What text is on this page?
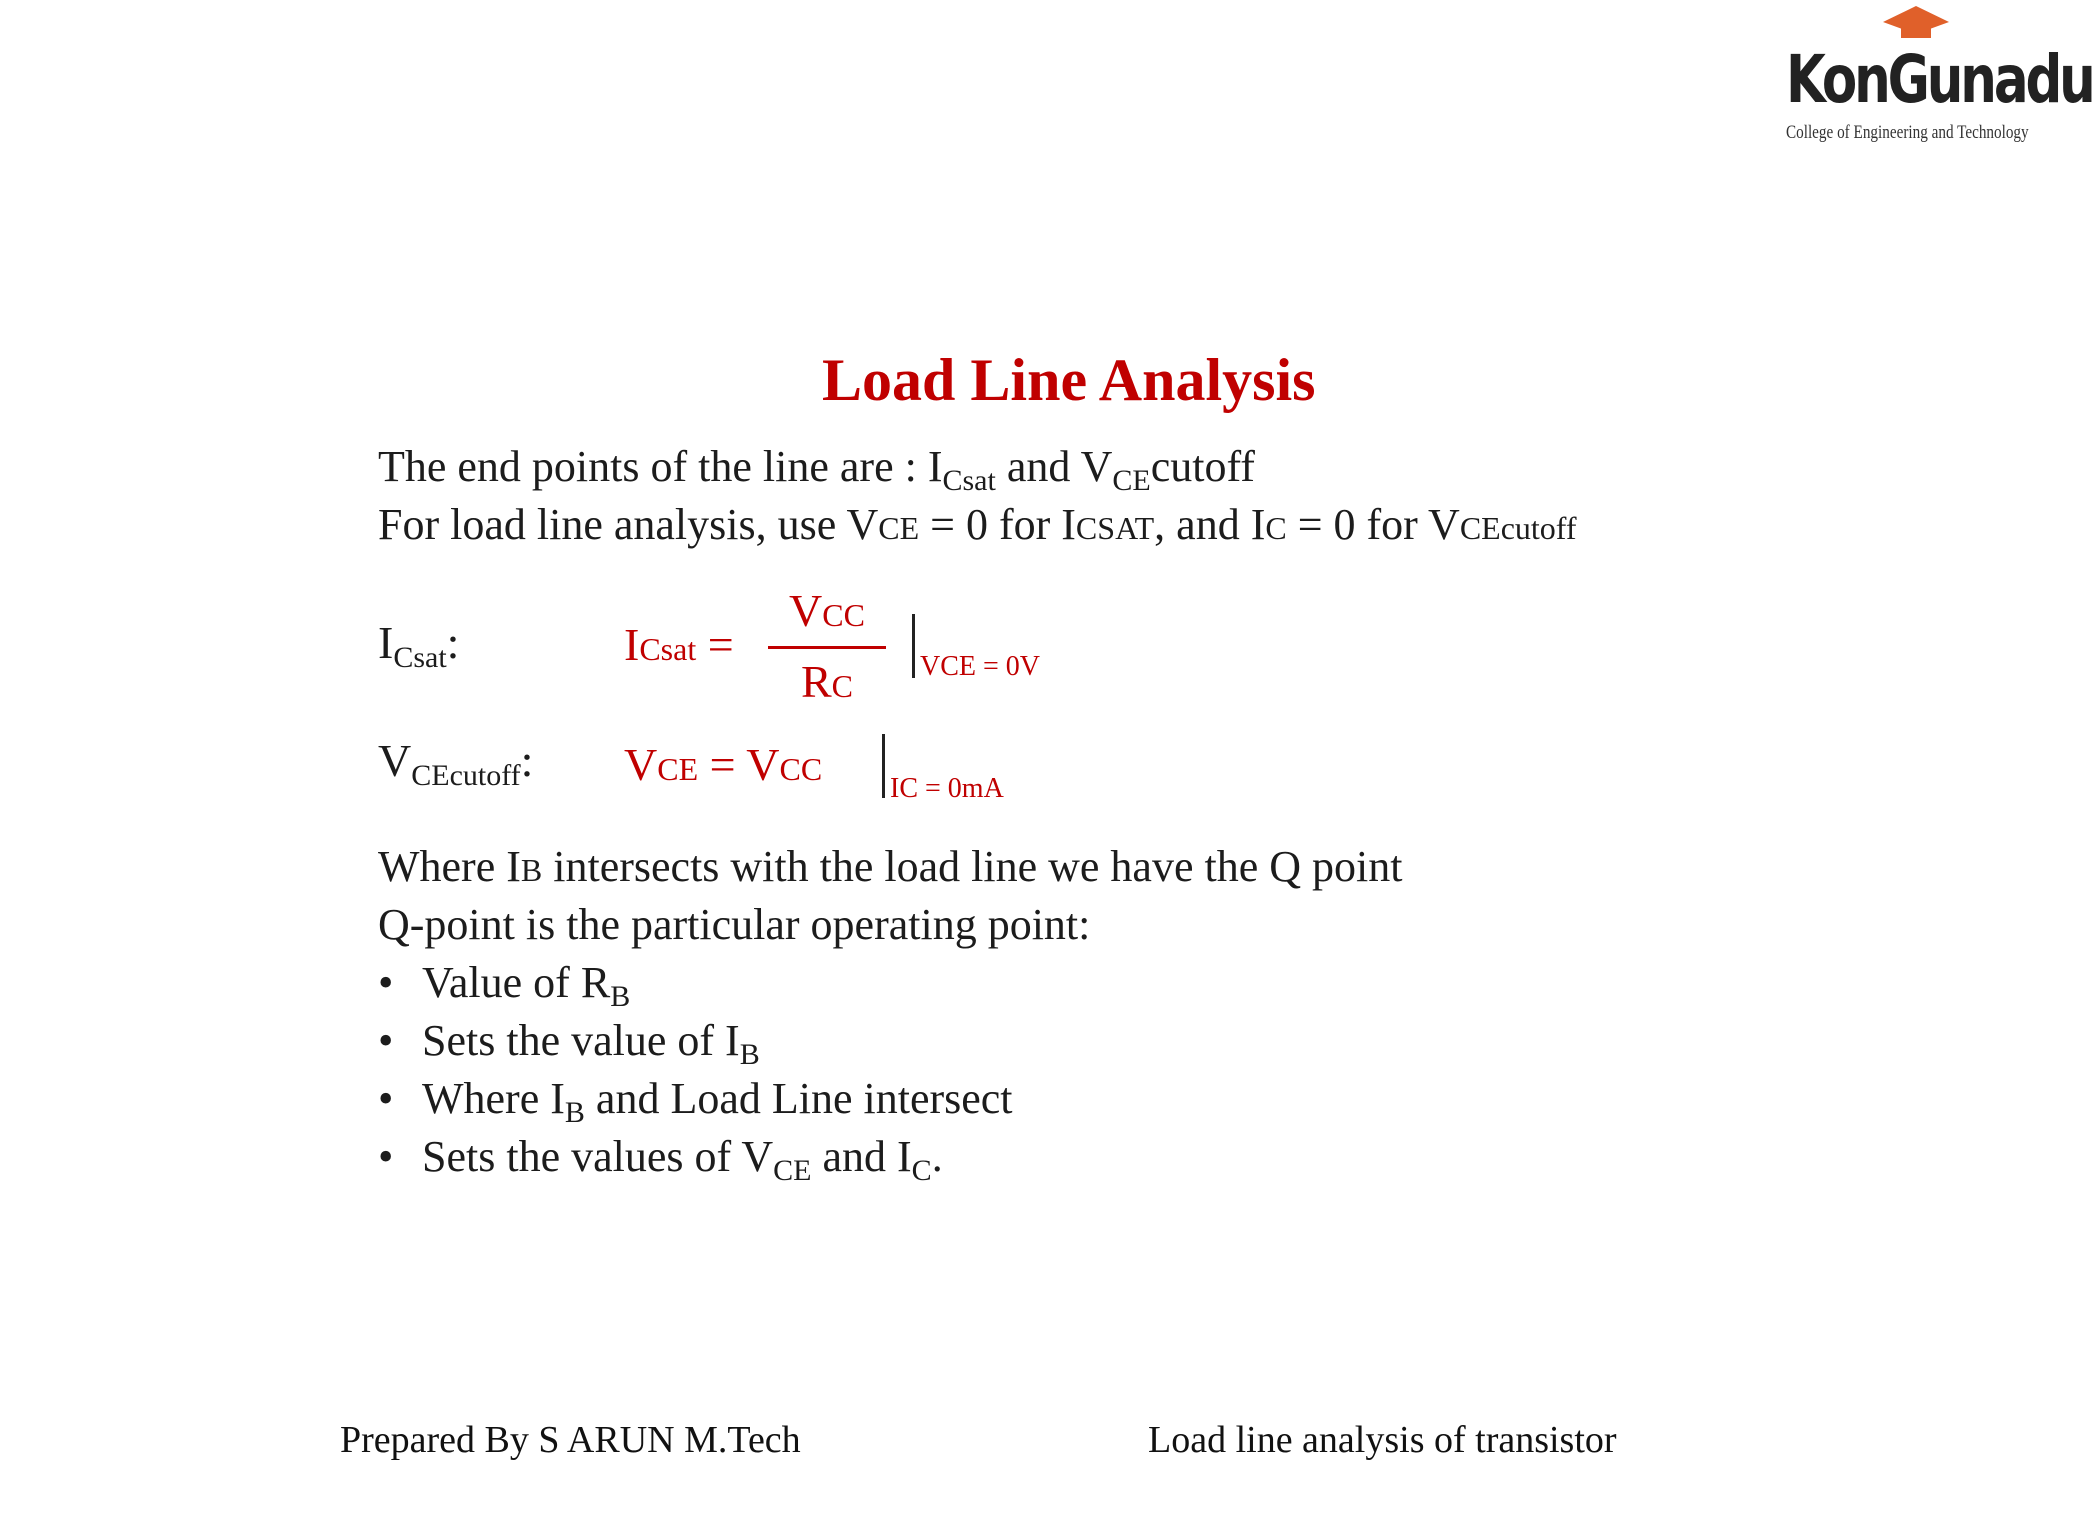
KonGunadu
College of Engineering and Technology
Load Line Analysis
The end points of the line are : $I_{Csat}$ and $V_{CE}cutoff$
For load line analysis, use VCE = 0 for ICSAT, and IC = 0 for VCEcutoff
$I_{Csat}$:	ICsat =
VCC
RC
VCE = 0V
$V_{CEcutoff}$: VCE = VCC
IC = 0mA
Where IB intersects with the load line we have the Q point
Q-point is the particular operating point:
• Value of $R_B$
• Sets the value of $I_B$
• Where $I_B$ and Load Line intersect
• Sets the values of $V_{CE}$ and $I_C$.
Prepared By S ARUN M.Tech	Load line analysis of transistor
